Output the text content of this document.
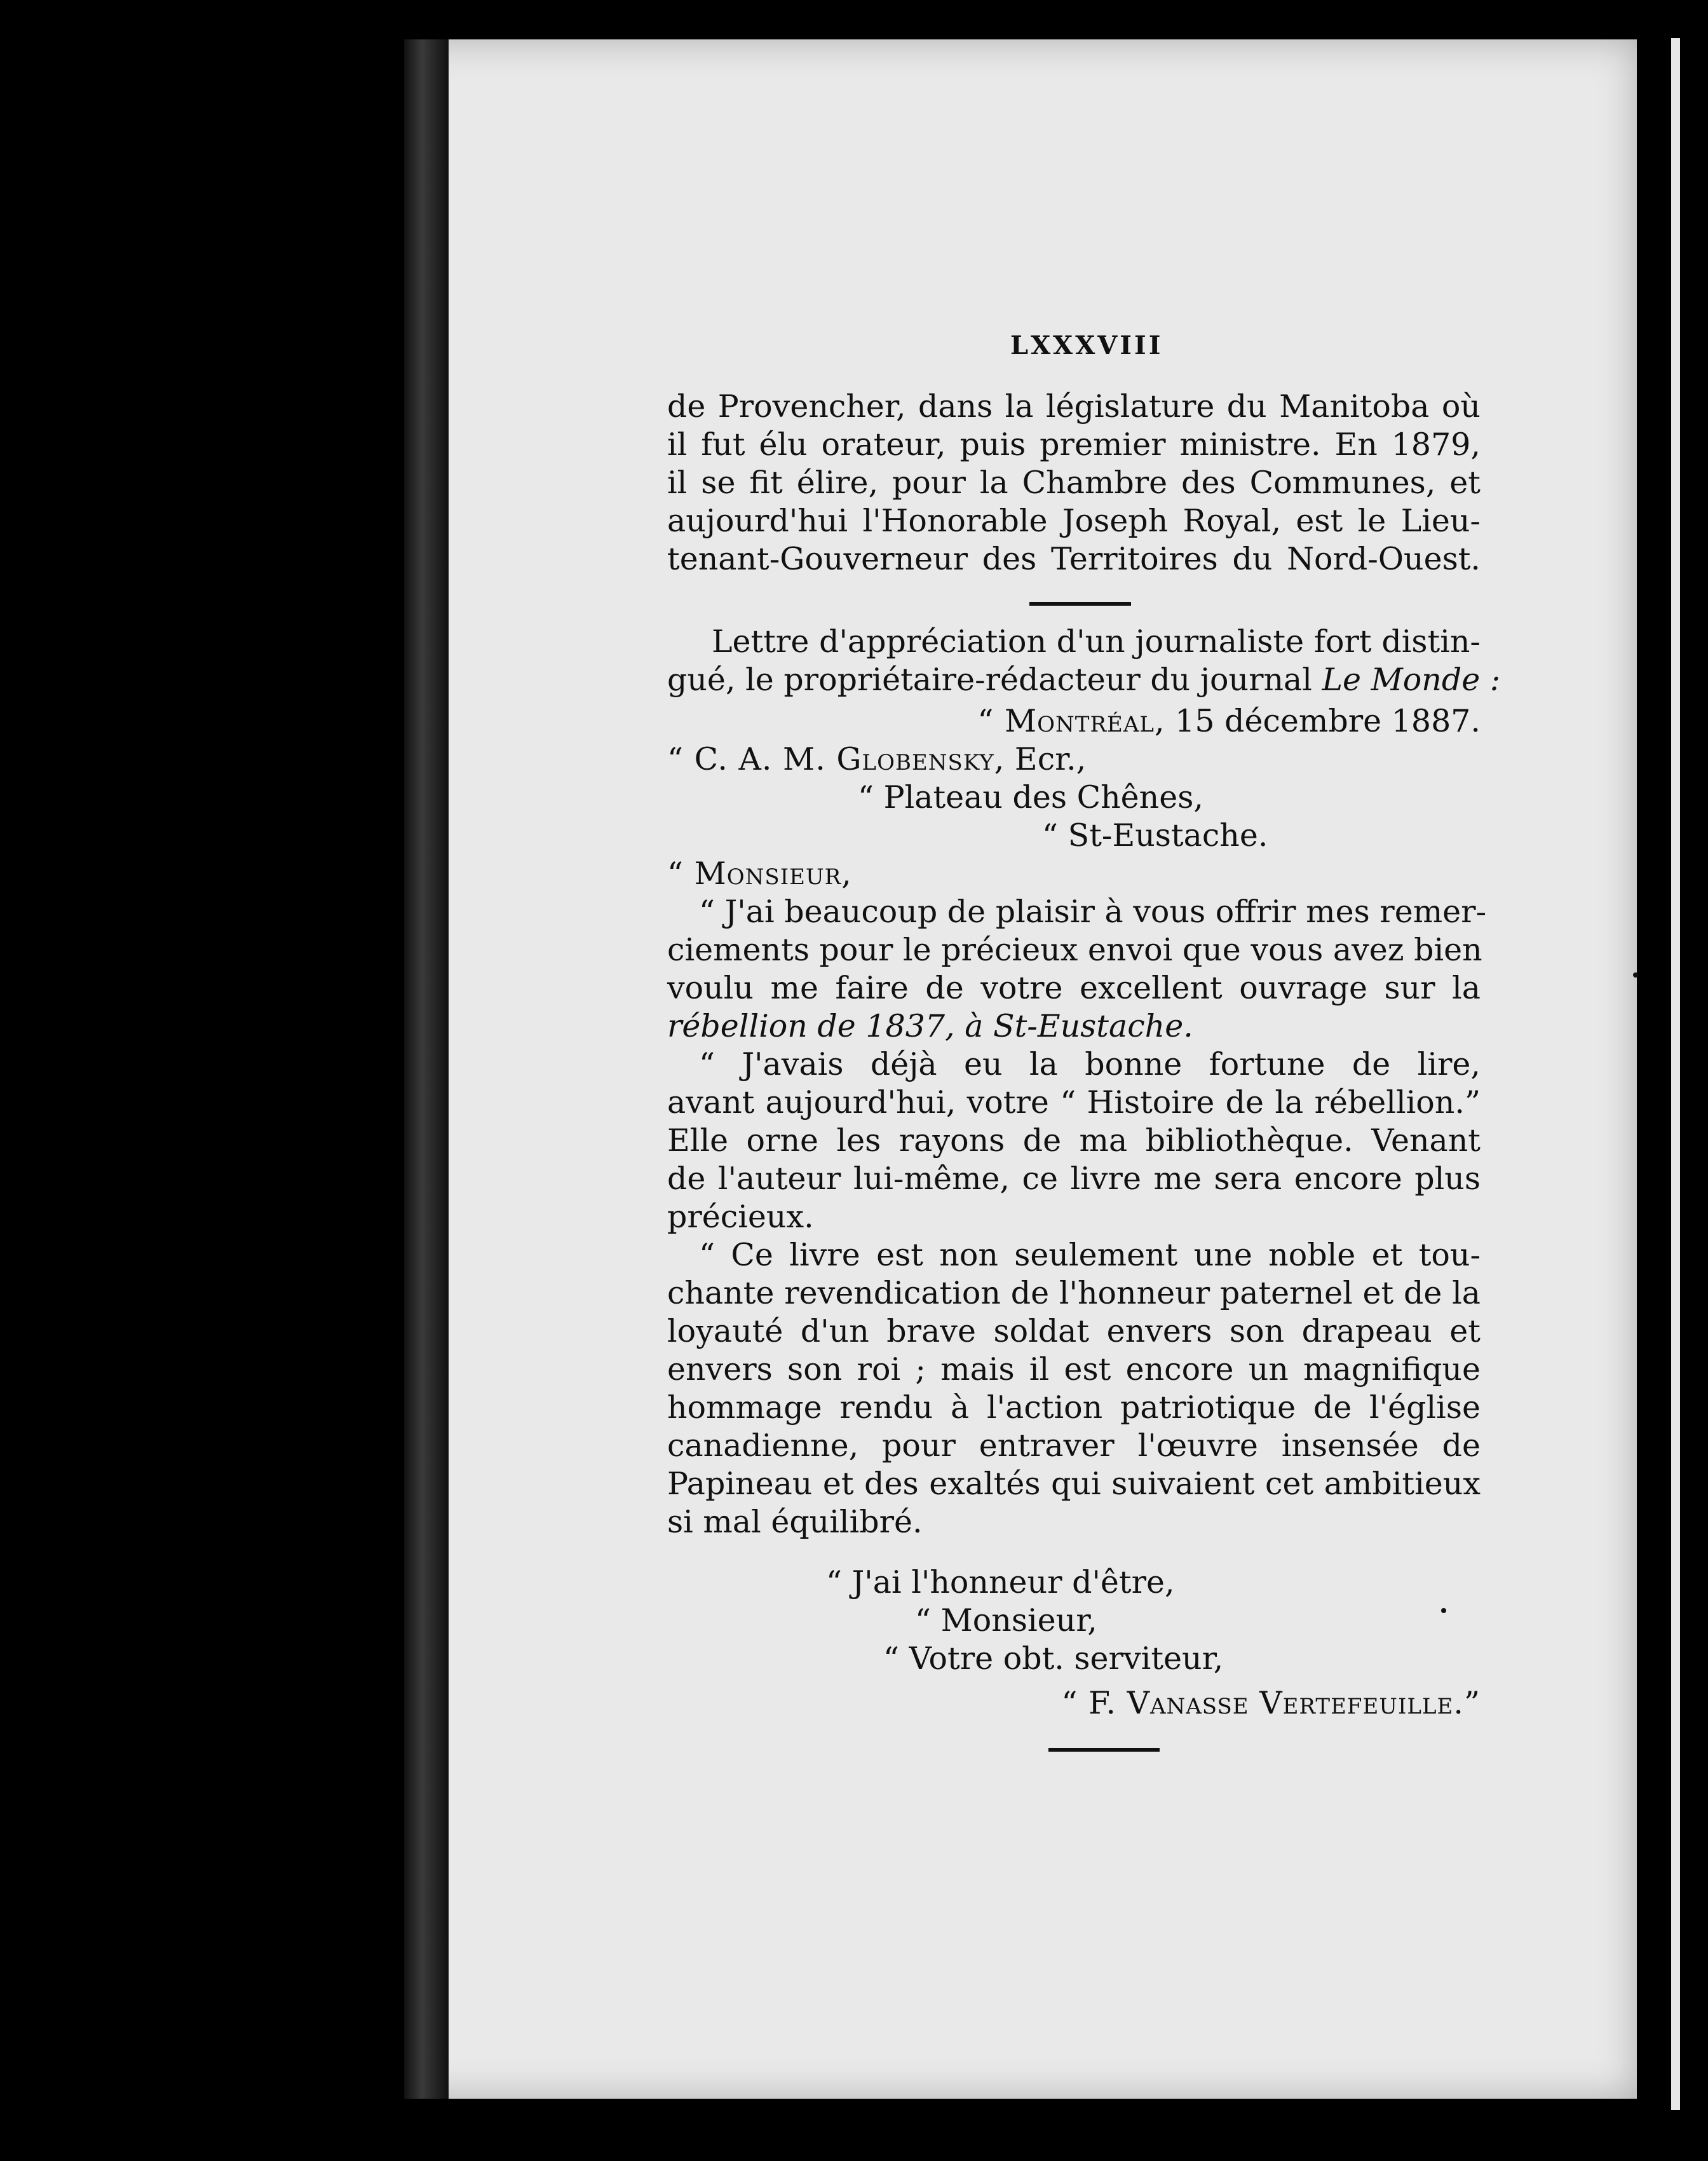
LXXXVIII
de Provencher, dans la législature du Manitoba où
il fut élu orateur, puis premier ministre. En 1879,
il se fit élire, pour la Chambre des Communes, et
aujourd'hui l'Honorable Joseph Royal, est le Lieu-
tenant-Gouverneur des Territoires du Nord-Ouest.
Lettre d'appréciation d'un journaliste fort distin-
gué, le propriétaire-rédacteur du journal Le Monde :
“ Montréal, 15 décembre 1887.
“ C. A. M. Globensky, Ecr.,
“ Plateau des Chênes,
“ St-Eustache.
“ Monsieur,
“ J'ai beaucoup de plaisir à vous offrir mes remer-
ciements pour le précieux envoi que vous avez bien
voulu me faire de votre excellent ouvrage sur la
rébellion de 1837, à St-Eustache.
“ J'avais déjà eu la bonne fortune de lire,
avant aujourd'hui, votre “ Histoire de la rébellion.”
Elle orne les rayons de ma bibliothèque. Venant
de l'auteur lui-même, ce livre me sera encore plus
précieux.
“ Ce livre est non seulement une noble et tou-
chante revendication de l'honneur paternel et de la
loyauté d'un brave soldat envers son drapeau et
envers son roi ; mais il est encore un magnifique
hommage rendu à l'action patriotique de l'église
canadienne, pour entraver l'œuvre insensée de
Papineau et des exaltés qui suivaient cet ambitieux
si mal équilibré.
“ J'ai l'honneur d'être,
“ Monsieur,
“ Votre obt. serviteur,
“ F. Vanasse Vertefeuille.”
